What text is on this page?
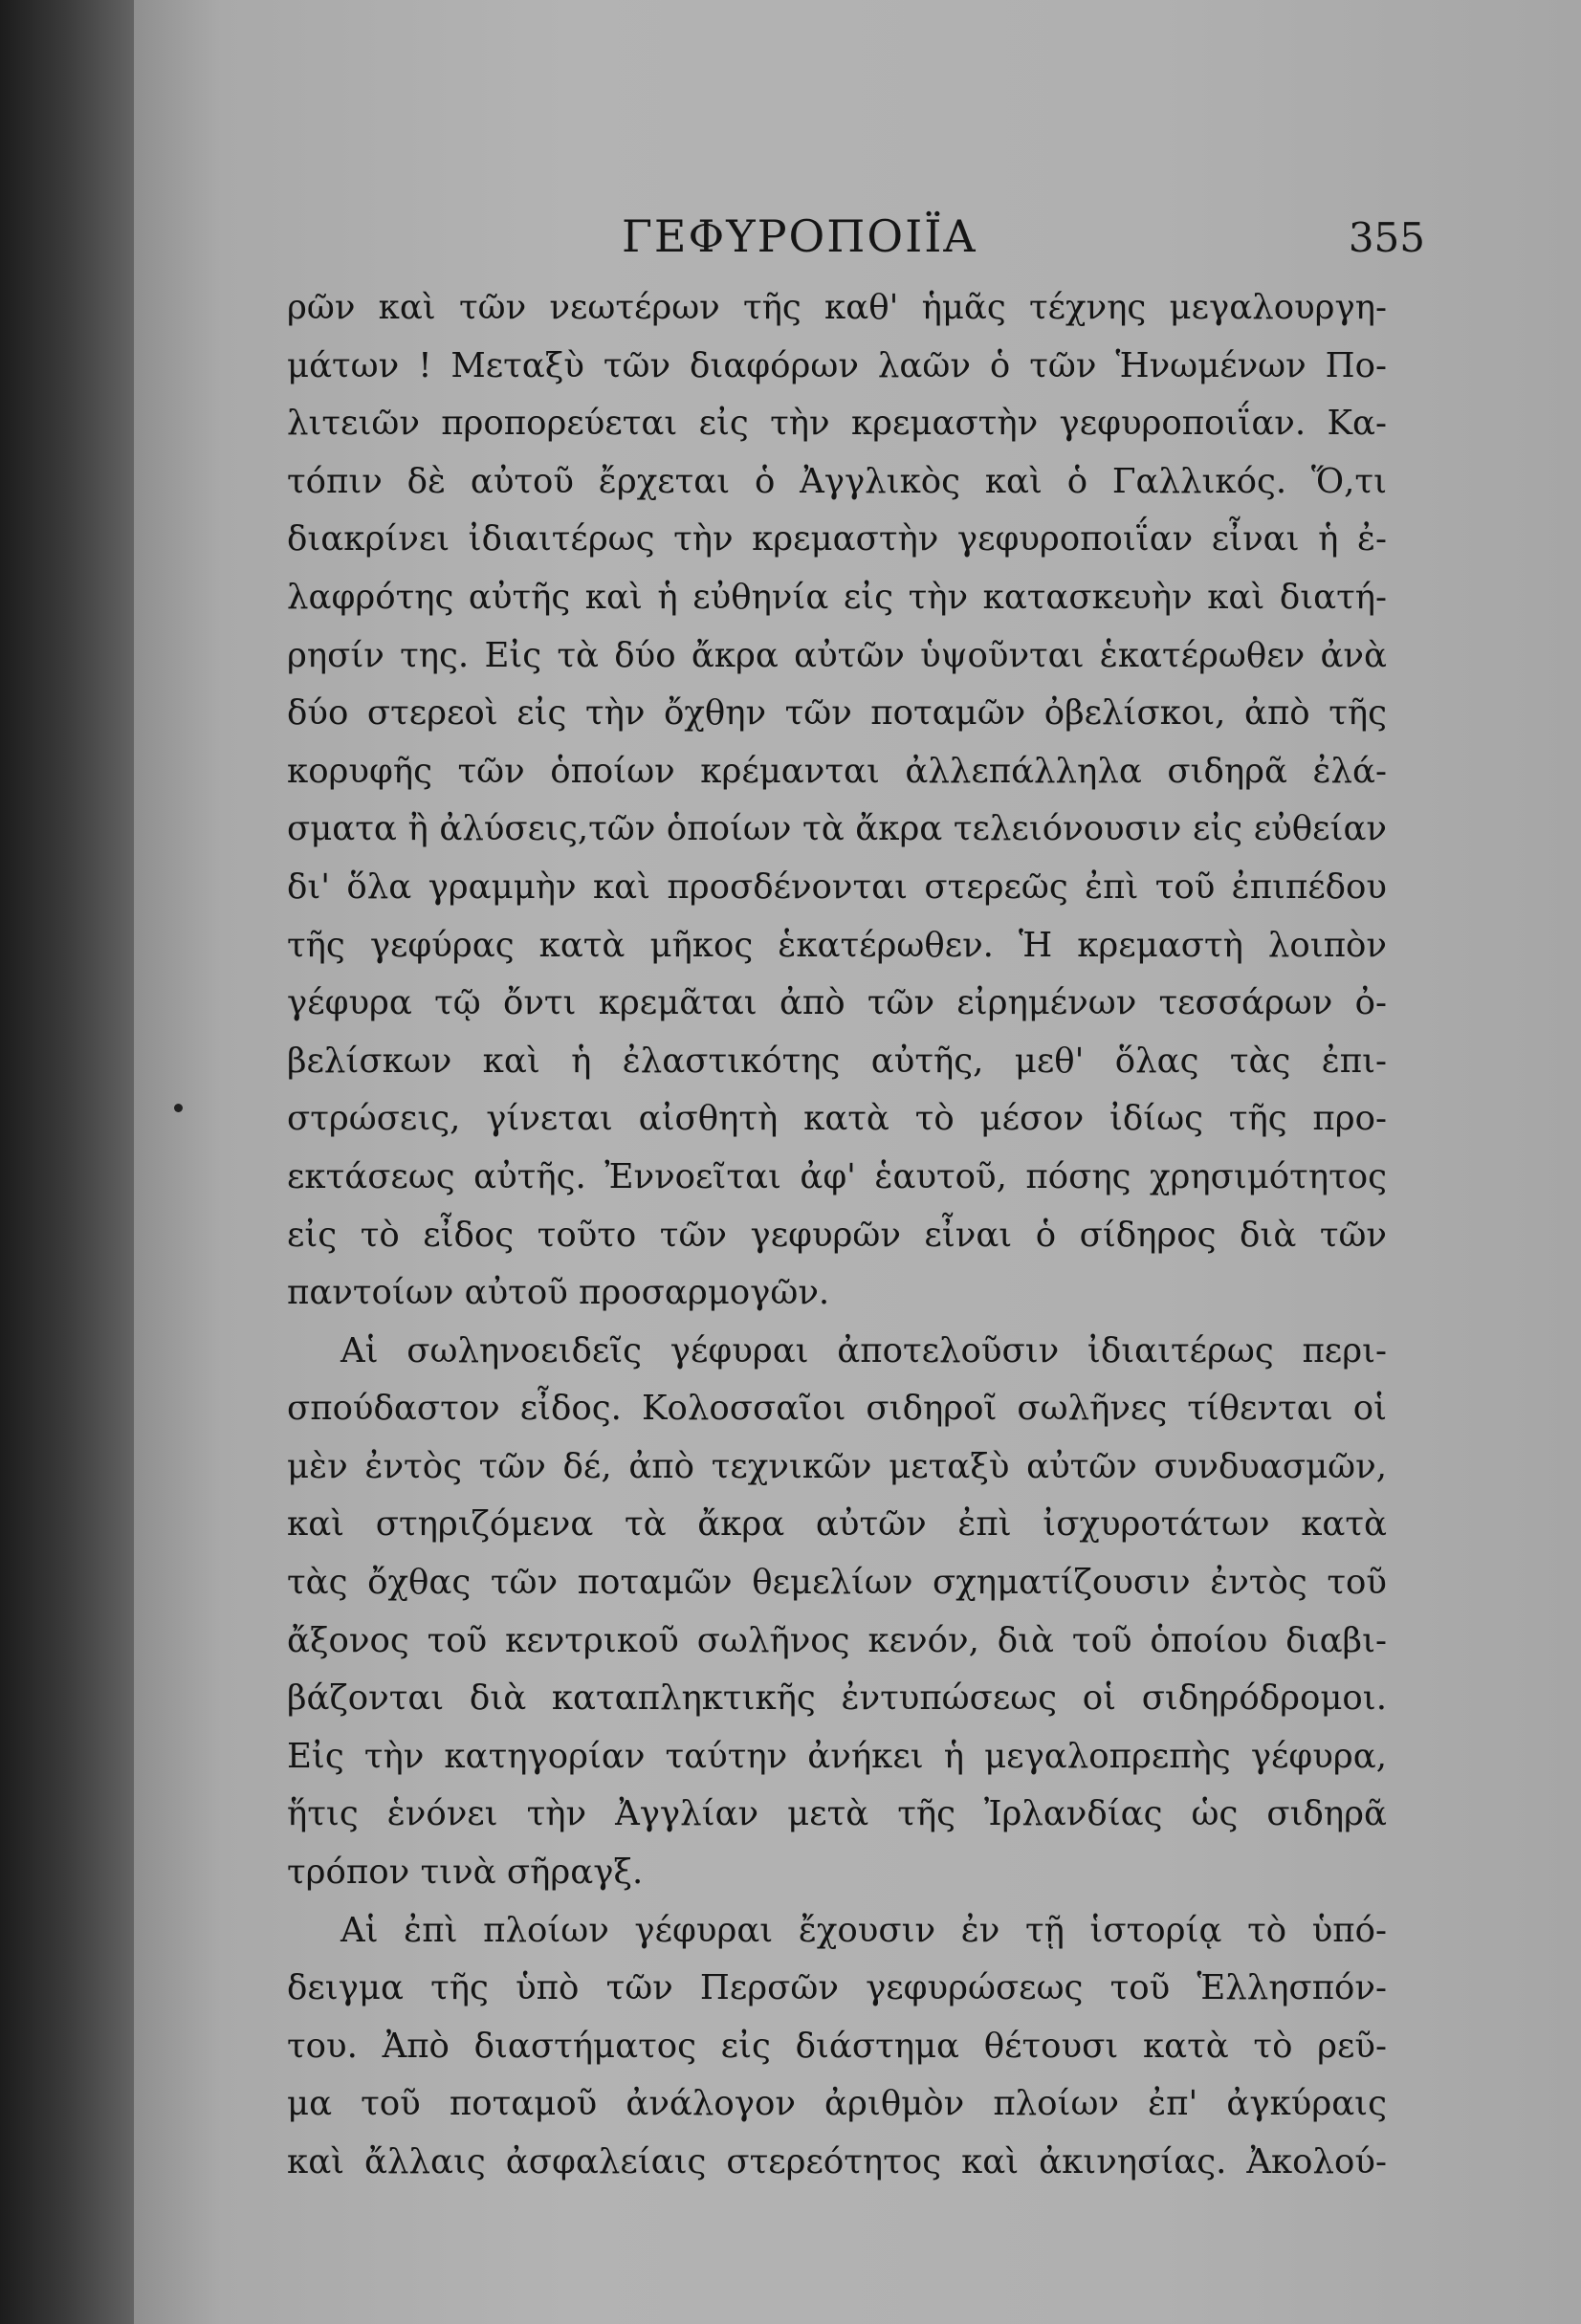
ΓΕΦΥΡΟΠΟΙΪΑ	355
ρῶν καὶ τῶν νεωτέρων τῆς καθ' ἡμᾶς τέχνης μεγαλουργη-
μάτων ! Μεταξὺ τῶν διαφόρων λαῶν ὁ τῶν Ἡνωμένων Πο-
λιτειῶν προπορεύεται εἰς τὴν κρεμαστὴν γεφυροποιΐαν. Κα-
τόπιν δὲ αὐτοῦ ἔρχεται ὁ Ἀγγλικὸς καὶ ὁ Γαλλικός. Ὅ,τι
διακρίνει ἰδιαιτέρως τὴν κρεμαστὴν γεφυροποιΐαν εἶναι ἡ ἐ-
λαφρότης αὐτῆς καὶ ἡ εὐθηνία εἰς τὴν κατασκευὴν καὶ διατή-
ρησίν της. Εἰς τὰ δύο ἄκρα αὐτῶν ὑψοῦνται ἑκατέρωθεν ἀνὰ
δύο στερεοὶ εἰς τὴν ὄχθην τῶν ποταμῶν ὀβελίσκοι, ἀπὸ τῆς
κορυφῆς τῶν ὁποίων κρέμανται ἀλλεπάλληλα σιδηρᾶ ἐλά-
σματα ἢ ἀλύσεις,τῶν ὁποίων τὰ ἄκρα τελειόνουσιν εἰς εὐθείαν
δι' ὅλα γραμμὴν καὶ προσδένονται στερεῶς ἐπὶ τοῦ ἐπιπέδου
τῆς γεφύρας κατὰ μῆκος ἑκατέρωθεν. Ἡ κρεμαστὴ λοιπὸν
γέφυρα τῷ ὄντι κρεμᾶται ἀπὸ τῶν εἰρημένων τεσσάρων ὀ-
βελίσκων καὶ ἡ ἐλαστικότης αὐτῆς, μεθ' ὅλας τὰς ἐπι-
στρώσεις, γίνεται αἰσθητὴ κατὰ τὸ μέσον ἰδίως τῆς προ-
εκτάσεως αὐτῆς. Ἐννοεῖται ἀφ' ἑαυτοῦ, πόσης χρησιμότητος
εἰς τὸ εἶδος τοῦτο τῶν γεφυρῶν εἶναι ὁ σίδηρος διὰ τῶν
παντοίων αὐτοῦ προσαρμογῶν.
Αἱ σωληνοειδεῖς γέφυραι ἀποτελοῦσιν ἰδιαιτέρως περι-
σπούδαστον εἶδος. Κολοσσαῖοι σιδηροῖ σωλῆνες τίθενται οἱ
μὲν ἐντὸς τῶν δέ, ἀπὸ τεχνικῶν μεταξὺ αὐτῶν συνδυασμῶν,
καὶ στηριζόμενα τὰ ἄκρα αὐτῶν ἐπὶ ἰσχυροτάτων κατὰ
τὰς ὄχθας τῶν ποταμῶν θεμελίων σχηματίζουσιν ἐντὸς τοῦ
ἄξονος τοῦ κεντρικοῦ σωλῆνος κενόν, διὰ τοῦ ὁποίου διαβι-
βάζονται διὰ καταπληκτικῆς ἐντυπώσεως οἱ σιδηρόδρομοι.
Εἰς τὴν κατηγορίαν ταύτην ἀνήκει ἡ μεγαλοπρεπὴς γέφυρα,
ἥτις ἑνόνει τὴν Ἀγγλίαν μετὰ τῆς Ἰρλανδίας ὡς σιδηρᾶ
τρόπον τινὰ σῆραγξ.
Αἱ ἐπὶ πλοίων γέφυραι ἔχουσιν ἐν τῇ ἱστορίᾳ τὸ ὑπό-
δειγμα τῆς ὑπὸ τῶν Περσῶν γεφυρώσεως τοῦ Ἑλλησπόν-
του. Ἀπὸ διαστήματος εἰς διάστημα θέτουσι κατὰ τὸ ρεῦ-
μα τοῦ ποταμοῦ ἀνάλογον ἀριθμὸν πλοίων ἐπ' ἀγκύραις
καὶ ἄλλαις ἀσφαλείαις στερεότητος καὶ ἀκινησίας. Ἀκολού-
